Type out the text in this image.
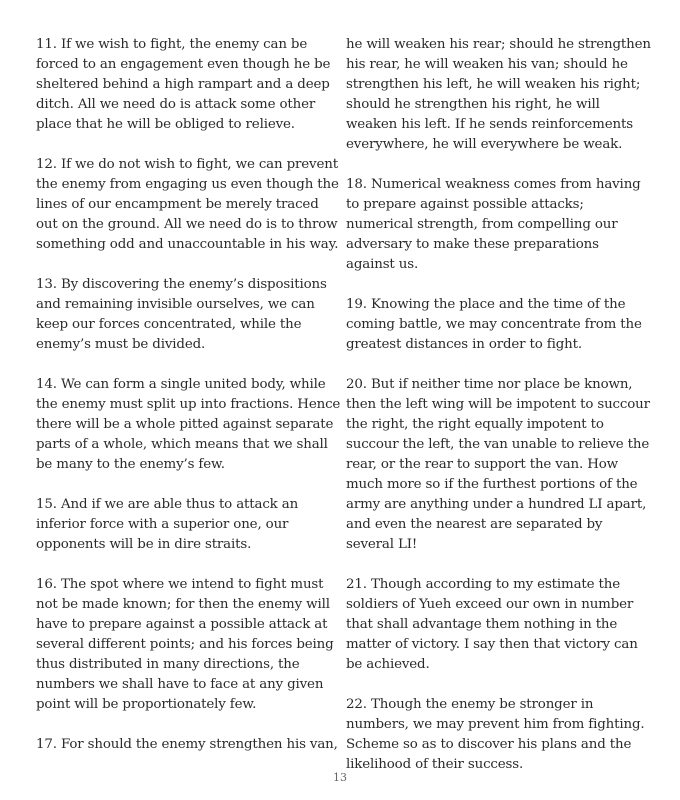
11. If we wish to fight, the enemy can be forced to an engagement even though he be sheltered behind a high rampart and a deep ditch. All we need do is attack some other place that he will be obliged to relieve.

12. If we do not wish to fight, we can prevent the enemy from engaging us even though the lines of our encampment be merely traced out on the ground. All we need do is to throw something odd and unaccountable in his way.

13. By discovering the enemy’s dispositions and remaining invisible ourselves, we can keep our forces concentrated, while the enemy’s must be divided.

14. We can form a single united body, while the enemy must split up into fractions. Hence there will be a whole pitted against separate parts of a whole, which means that we shall be many to the enemy’s few.

15. And if we are able thus to attack an inferior force with a superior one, our opponents will be in dire straits.

16. The spot where we intend to fight must not be made known; for then the enemy will have to prepare against a possible attack at several different points; and his forces being thus distributed in many directions, the numbers we shall have to face at any given point will be proportionately few.

17. For should the enemy strengthen his van,

he will weaken his rear; should he strengthen his rear, he will weaken his van; should he strengthen his left, he will weaken his right; should he strengthen his right, he will weaken his left. If he sends reinforcements everywhere, he will everywhere be weak.

18. Numerical weakness comes from having to prepare against possible attacks; numerical strength, from compelling our adversary to make these preparations against us.

19. Knowing the place and the time of the coming battle, we may concentrate from the greatest distances in order to fight.

20. But if neither time nor place be known, then the left wing will be impotent to succour the right, the right equally impotent to succour the left, the van unable to relieve the rear, or the rear to support the van. How much more so if the furthest portions of the army are anything under a hundred LI apart, and even the nearest are separated by several LI!

21. Though according to my estimate the soldiers of Yueh exceed our own in number that shall advantage them nothing in the matter of victory. I say then that victory can be achieved.

22. Though the enemy be stronger in numbers, we may prevent him from fighting. Scheme so as to discover his plans and the likelihood of their success.

13
